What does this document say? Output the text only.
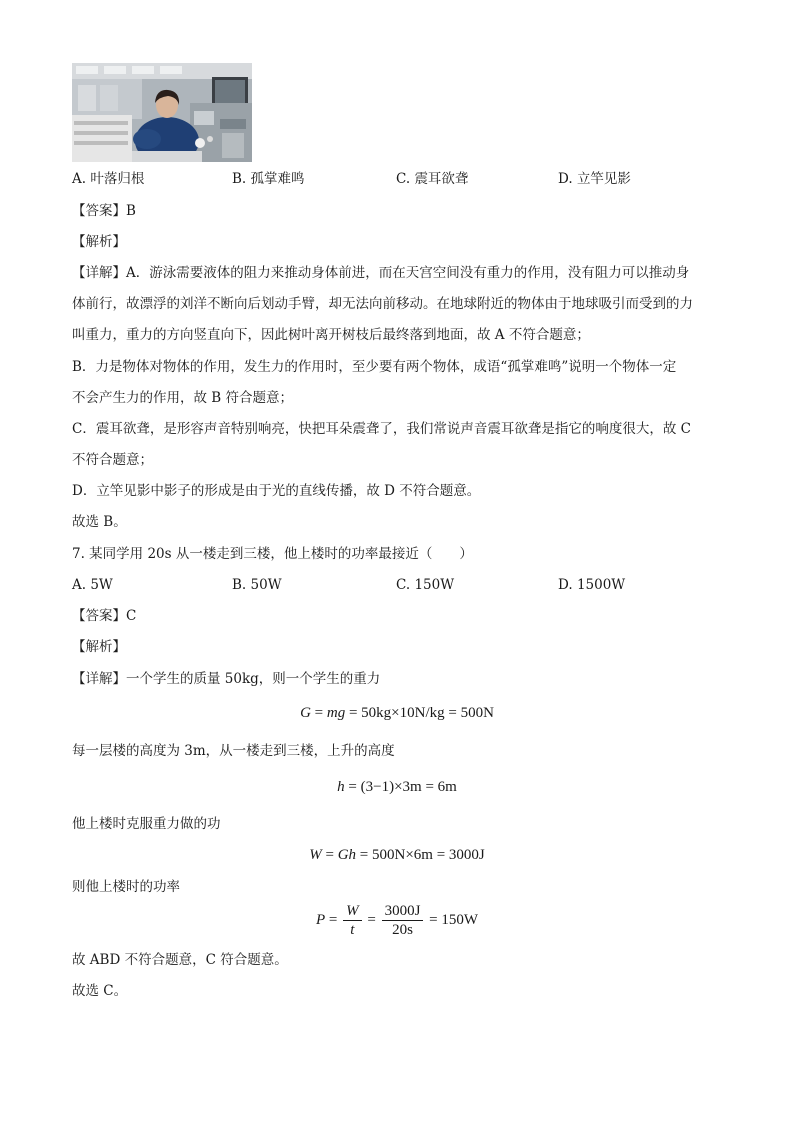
A. 叶落归根	B. 孤掌难鸣	C. 震耳欲聋	D. 立竿见影
【答案】B
【解析】
【详解】A．游泳需要液体的阻力来推动身体前进，而在天宫空间没有重力的作用，没有阻力可以推动身
体前行，故漂浮的刘洋不断向后划动手臂，却无法向前移动。在地球附近的物体由于地球吸引而受到的力
叫重力，重力的方向竖直向下，因此树叶离开树枝后最终落到地面，故 A 不符合题意；
B．力是物体对物体的作用，发生力的作用时，至少要有两个物体，成语“孤掌难鸣”说明一个物体一定
不会产生力的作用，故 B 符合题意；
C．震耳欲聋，是形容声音特别响亮，快把耳朵震聋了，我们常说声音震耳欲聋是指它的响度很大，故 C
不符合题意；
D．立竿见影中影子的形成是由于光的直线传播，故 D 不符合题意。
故选 B。
7. 某同学用 20s 从一楼走到三楼，他上楼时的功率最接近（　　）
A. 5W	B. 50W	C. 150W	D. 1500W
【答案】C
【解析】
【详解】一个学生的质量 50kg，则一个学生的重力
G = mg = 50kg×10N/kg = 500N
每一层楼的高度为 3m，从一楼走到三楼，上升的高度
h = (3−1)×3m = 6m
他上楼时克服重力做的功
W = Gh = 500N×6m = 3000J
则他上楼时的功率
$P = \frac{W}{t} = \frac{3000J}{20s} = 150W$
故 ABD 不符合题意，C 符合题意。
故选 C。
